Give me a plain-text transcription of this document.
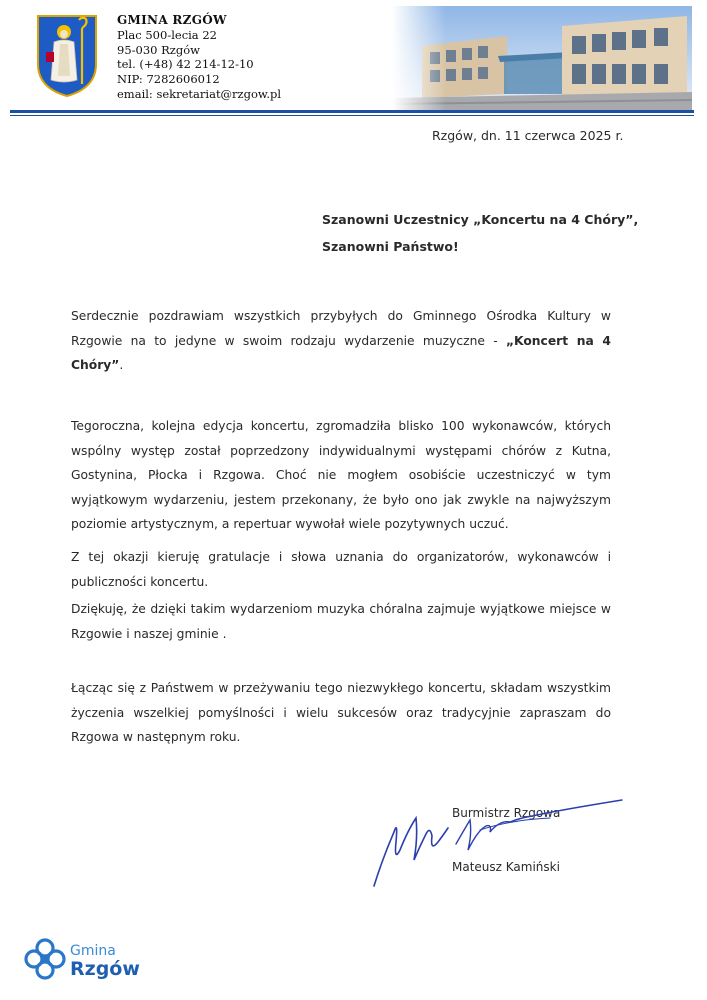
GMINA RZGÓW
Plac 500-lecia 22
95-030 Rzgów
tel. (+48) 42 214-12-10
NIP: 7282606012
email: sekretariat@rzgow.pl
Rzgów, dn. 11 czerwca 2025 r.
Szanowni Uczestnicy „Koncertu na 4 Chóry”,
Szanowni Państwo!
Serdecznie pozdrawiam wszystkich przybyłych do Gminnego Ośrodka Kultury w Rzgowie na to jedyne w swoim rodzaju wydarzenie muzyczne - „Koncert na 4 Chóry”.
Tegoroczna, kolejna edycja koncertu, zgromadziła blisko 100 wykonawców, których wspólny występ został poprzedzony indywidualnymi występami chórów z Kutna, Gostynina, Płocka i Rzgowa. Choć nie mogłem osobiście uczestniczyć w tym wyjątkowym wydarzeniu, jestem przekonany, że było ono jak zwykle na najwyższym poziomie artystycznym, a repertuar wywołał wiele pozytywnych uczuć.
Z tej okazji kieruję gratulacje i słowa uznania do organizatorów, wykonawców i publiczności koncertu.
Dziękuję, że dzięki takim wydarzeniom muzyka chóralna zajmuje wyjątkowe miejsce w Rzgowie i naszej gminie .
Łącząc się z Państwem w przeżywaniu tego niezwykłego koncertu, składam wszystkim życzenia wszelkiej pomyślności i wielu sukcesów oraz tradycyjnie zapraszam do Rzgowa w następnym roku.
Burmistrz Rzgowa
Mateusz Kamiński
Gmina
Rzgów
